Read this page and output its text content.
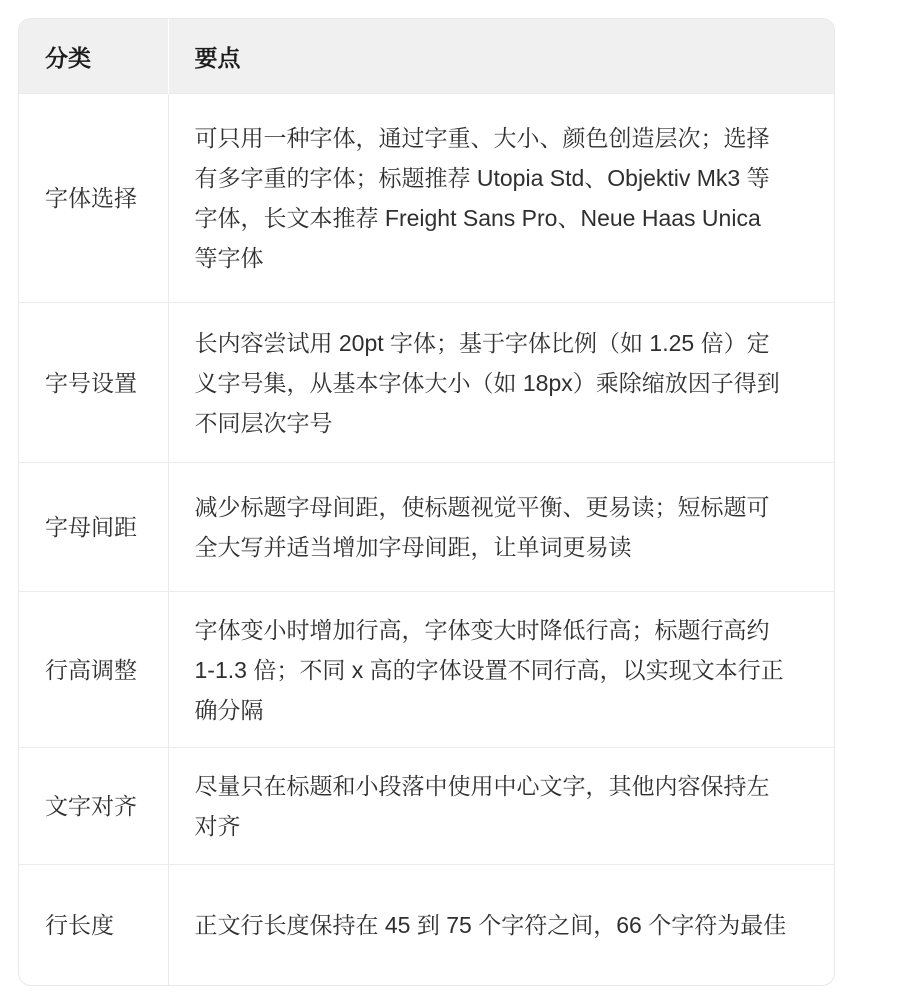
分类	要点
字体选择	可只用一种字体，通过字重、大小、颜色创造层次；选择有多字重的字体；标题推荐 Utopia Std、Objektiv Mk3 等字体，长文本推荐 Freight Sans Pro、Neue Haas Unica 等字体
字号设置	长内容尝试用 20pt 字体；基于字体比例（如 1.25 倍）定义字号集，从基本字体大小（如 18px）乘除缩放因子得到不同层次字号
字母间距	减少标题字母间距，使标题视觉平衡、更易读；短标题可全大写并适当增加字母间距，让单词更易读
行高调整	字体变小时增加行高，字体变大时降低行高；标题行高约 1-1.3 倍；不同 x 高的字体设置不同行高，以实现文本行正确分隔
文字对齐	尽量只在标题和小段落中使用中心文字，其他内容保持左对齐
行长度	正文行长度保持在 45 到 75 个字符之间，66 个字符为最佳
